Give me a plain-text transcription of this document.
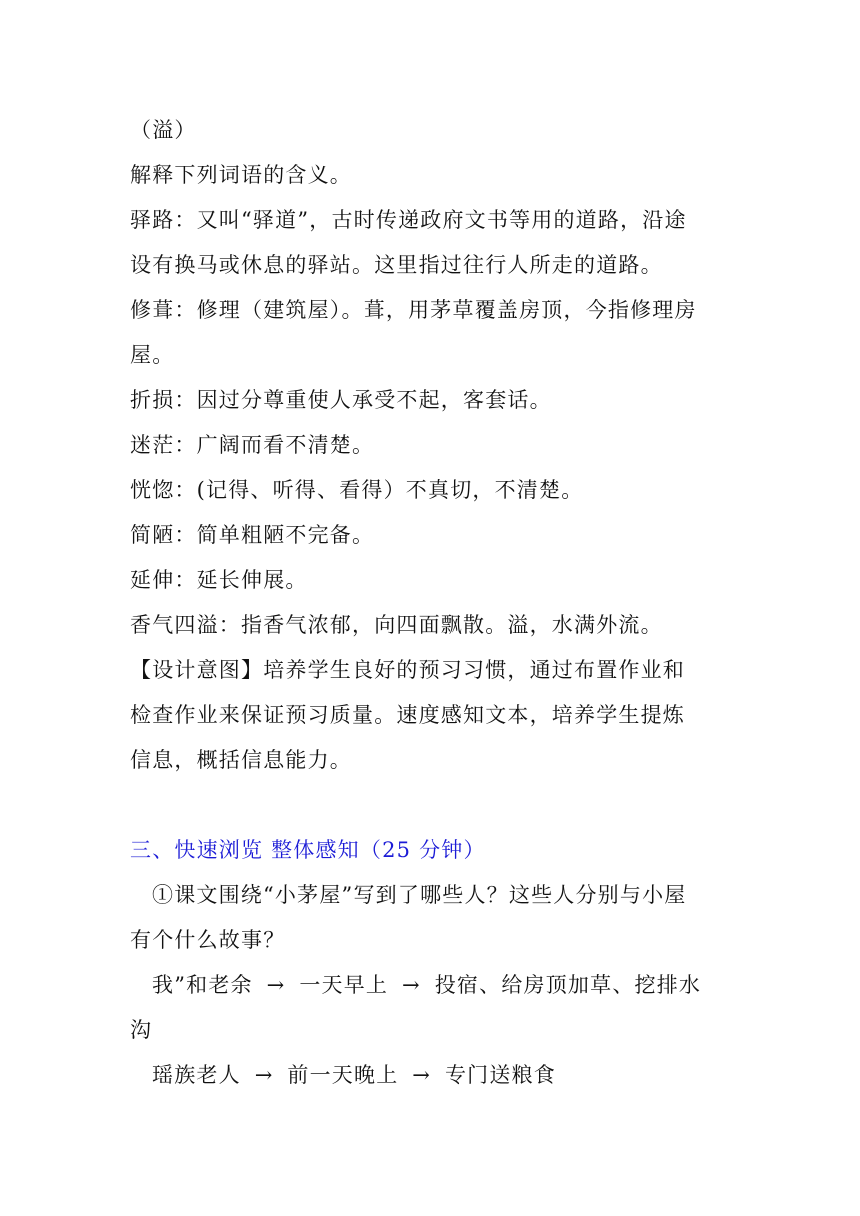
（溢）
解释下列词语的含义。
驿路：又叫“驿道”，古时传递政府文书等用的道路，沿途
设有换马或休息的驿站。这里指过往行人所走的道路。
修葺：修理（建筑屋）。葺，用茅草覆盖房顶，今指修理房
屋。
折损：因过分尊重使人承受不起，客套话。
迷茫：广阔而看不清楚。
恍惚：(记得、听得、看得）不真切，不清楚。
简陋：简单粗陋不完备。
延伸：延长伸展。
香气四溢：指香气浓郁，向四面飘散。溢，水满外流。
【设计意图】培养学生良好的预习习惯，通过布置作业和
检查作业来保证预习质量。速度感知文本，培养学生提炼
信息，概括信息能力。
三、快速浏览 整体感知（25 分钟）
①课文围绕“小茅屋”写到了哪些人？这些人分别与小屋
有个什么故事？
我”和老余 → 一天早上 → 投宿、给房顶加草、挖排水
沟
瑶族老人 → 前一天晚上 → 专门送粮食
